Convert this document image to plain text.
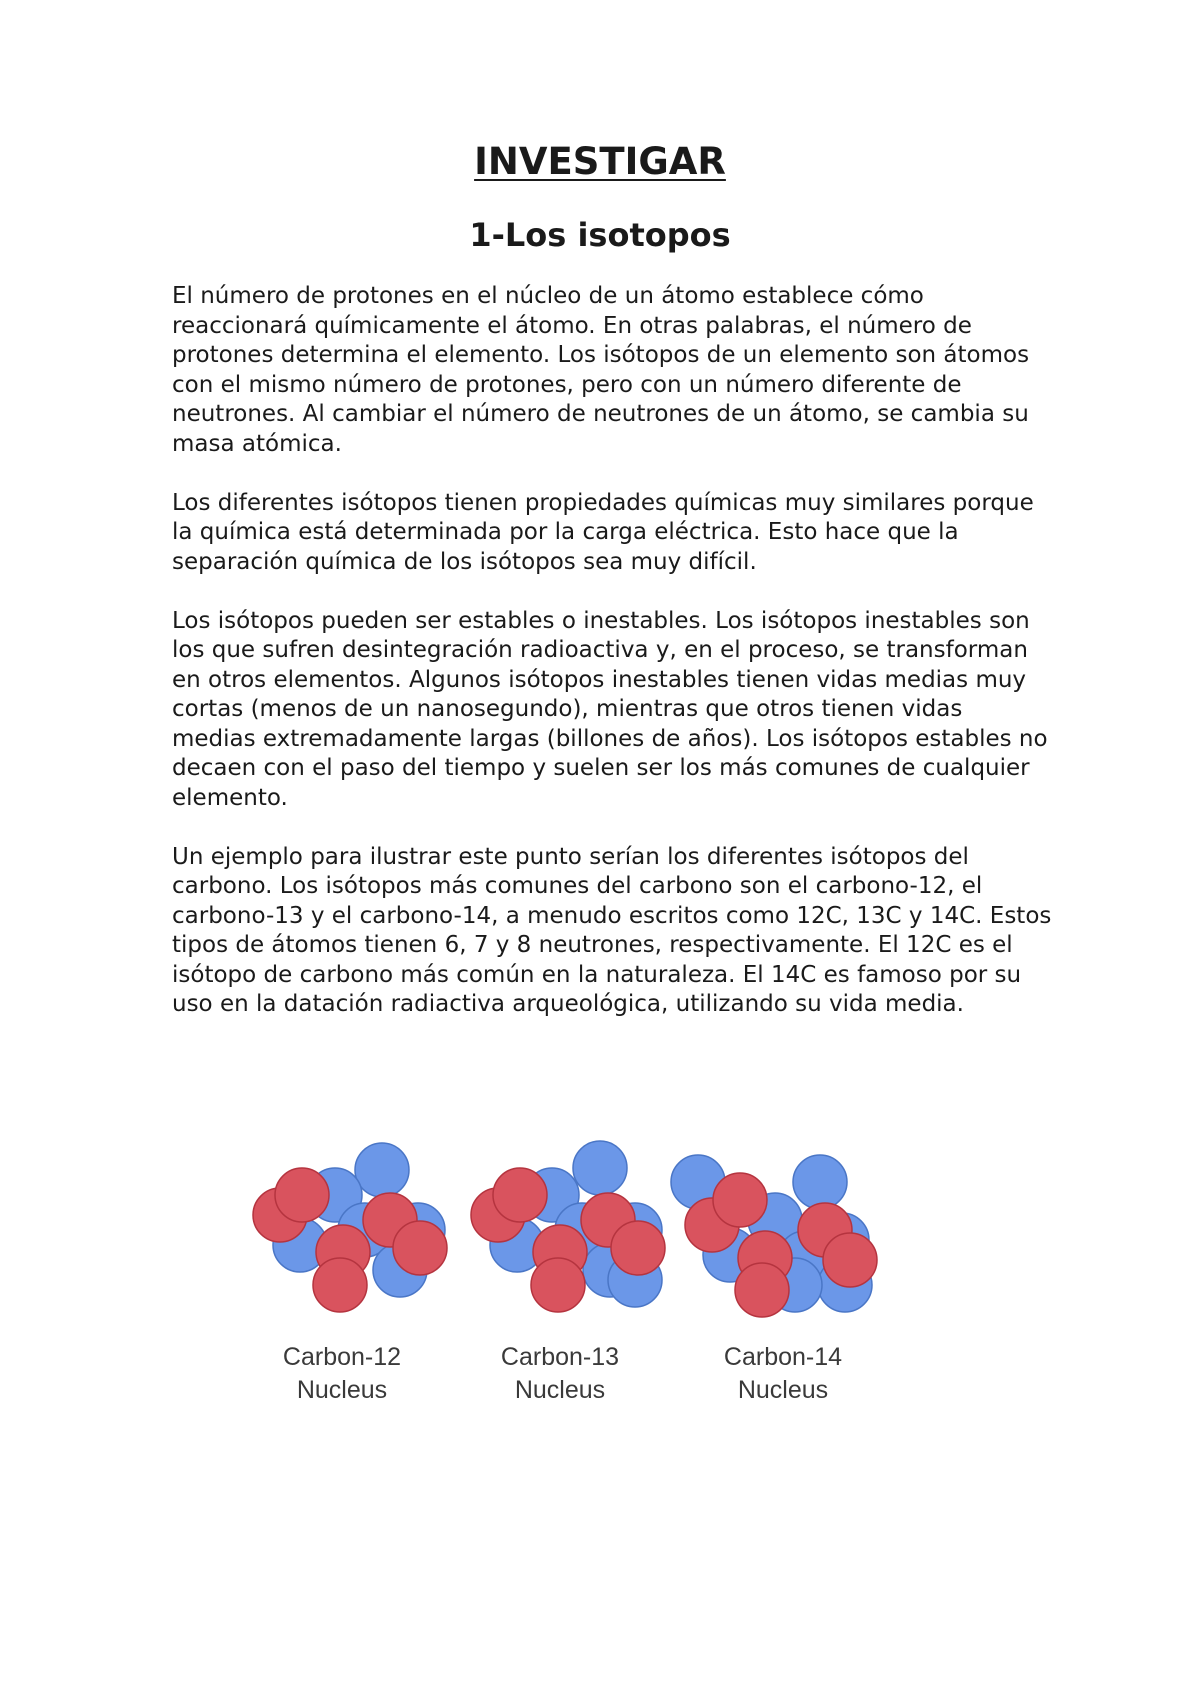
INVESTIGAR
1-Los isotopos

El número de protones en el núcleo de un átomo establece cómo reaccionará químicamente el átomo. En otras palabras, el número de protones determina el elemento. Los isótopos de un elemento son átomos con el mismo número de protones, pero con un número diferente de neutrones. Al cambiar el número de neutrones de un átomo, se cambia su masa atómica.

Los diferentes isótopos tienen propiedades químicas muy similares porque la química está determinada por la carga eléctrica. Esto hace que la separación química de los isótopos sea muy difícil.

Los isótopos pueden ser estables o inestables. Los isótopos inestables son los que sufren desintegración radioactiva y, en el proceso, se transforman en otros elementos. Algunos isótopos inestables tienen vidas medias muy cortas (menos de un nanosegundo), mientras que otros tienen vidas medias extremadamente largas (billones de años). Los isótopos estables no decaen con el paso del tiempo y suelen ser los más comunes de cualquier elemento.

Un ejemplo para ilustrar este punto serían los diferentes isótopos del carbono. Los isótopos más comunes del carbono son el carbono-12, el carbono-13 y el carbono-14, a menudo escritos como 12C, 13C y 14C. Estos tipos de átomos tienen 6, 7 y 8 neutrones, respectivamente. El 12C es el isótopo de carbono más común en la naturaleza. El 14C es famoso por su uso en la datación radiactiva arqueológica, utilizando su vida media.

Carbon-12
Nucleus
Carbon-13
Nucleus
Carbon-14
Nucleus
